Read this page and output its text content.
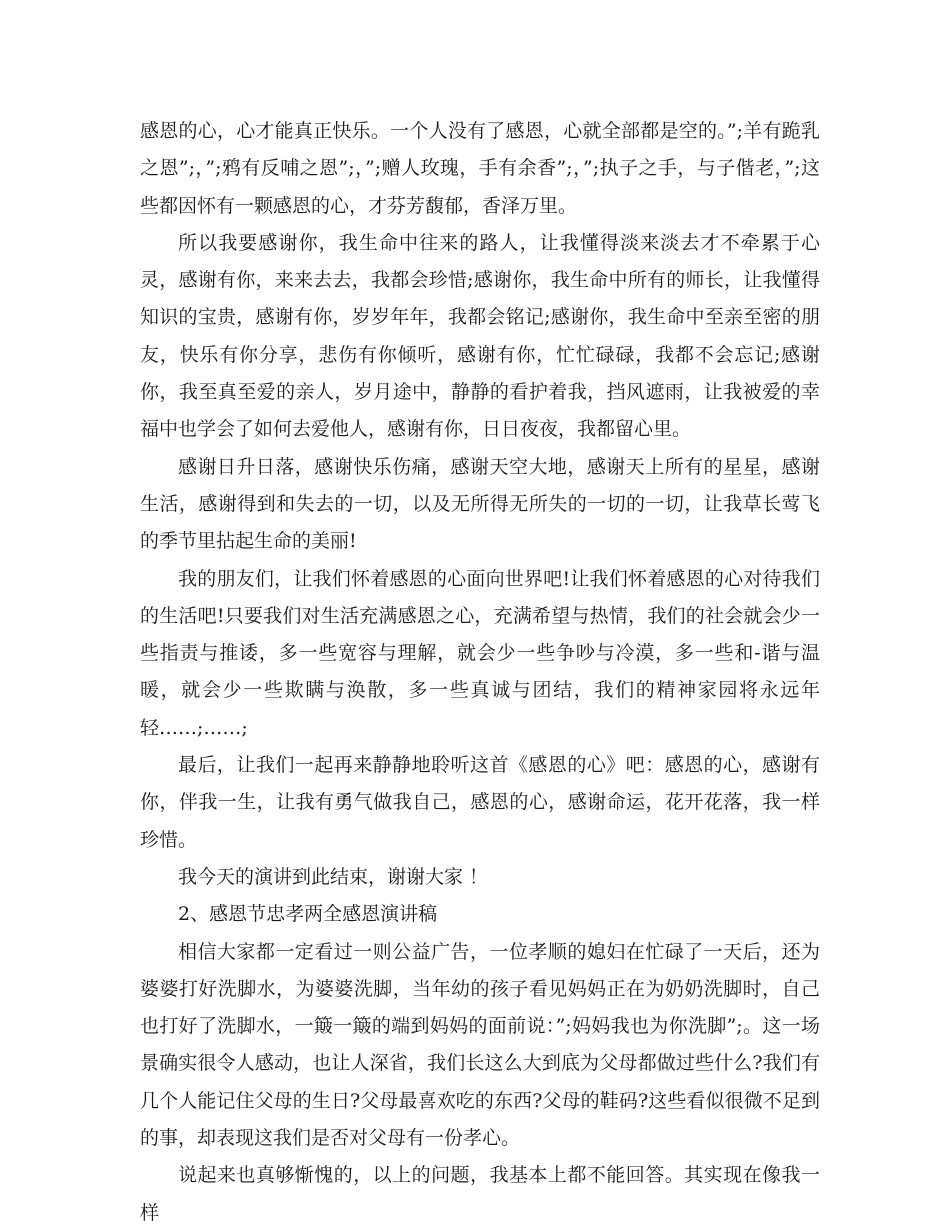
感恩的心，心才能真正快乐。一个人没有了感恩，心就全部都是空的。”;羊有跪乳之恩”;，”;鸦有反哺之恩”;，”;赠人玫瑰，手有余香”;，”;执子之手，与子偕老，”;这些都因怀有一颗感恩的心，才芬芳馥郁，香泽万里。

所以我要感谢你，我生命中往来的路人，让我懂得淡来淡去才不牵累于心灵，感谢有你，来来去去，我都会珍惜;感谢你，我生命中所有的师长，让我懂得知识的宝贵，感谢有你，岁岁年年，我都会铭记;感谢你，我生命中至亲至密的朋友，快乐有你分享，悲伤有你倾听，感谢有你，忙忙碌碌，我都不会忘记;感谢你，我至真至爱的亲人，岁月途中，静静的看护着我，挡风遮雨，让我被爱的幸福中也学会了如何去爱他人，感谢有你，日日夜夜，我都留心里。

感谢日升日落，感谢快乐伤痛，感谢天空大地，感谢天上所有的星星，感谢生活，感谢得到和失去的一切，以及无所得无所失的一切的一切，让我草长莺飞的季节里拈起生命的美丽!

我的朋友们，让我们怀着感恩的心面向世界吧!让我们怀着感恩的心对待我们的生活吧!只要我们对生活充满感恩之心，充满希望与热情，我们的社会就会少一些指责与推诿，多一些宽容与理解，就会少一些争吵与冷漠，多一些和-谐与温暖，就会少一些欺瞒与涣散，多一些真诚与团结，我们的精神家园将永远年轻……;……;

最后，让我们一起再来静静地聆听这首《感恩的心》吧：感恩的心，感谢有你，伴我一生，让我有勇气做我自己，感恩的心，感谢命运，花开花落，我一样珍惜。

我今天的演讲到此结束，谢谢大家 ！

2、感恩节忠孝两全感恩演讲稿

相信大家都一定看过一则公益广告，一位孝顺的媳妇在忙碌了一天后，还为婆婆打好洗脚水，为婆婆洗脚，当年幼的孩子看见妈妈正在为奶奶洗脚时，自己也打好了洗脚水，一簸一簸的端到妈妈的面前说：”;妈妈我也为你洗脚”;。这一场景确实很令人感动，也让人深省，我们长这么大到底为父母都做过些什么?我们有几个人能记住父母的生日?父母最喜欢吃的东西?父母的鞋码?这些看似很微不足到的事，却表现这我们是否对父母有一份孝心。

说起来也真够惭愧的，以上的问题，我基本上都不能回答。其实现在像我一样
